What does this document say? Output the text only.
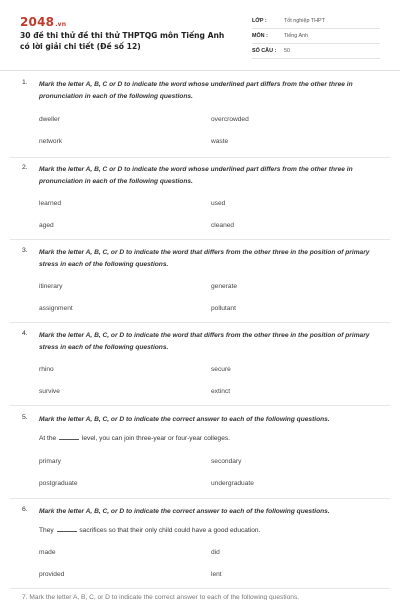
2048.vn
30 đề thi thử đề thi thử THPTQG môn Tiếng Anh có lời giải chi tiết (Đề số 12)
LỚP :	Tốt nghiệp THPT
MÔN :	Tiếng Anh
SỐ CÂU :	50
1. Mark the letter A, B, C or D to indicate the word whose underlined part differs from the other three in pronunciation in each of the following questions.
dweller	overcrowded
network	waste
2. Mark the letter A, B, C or D to indicate the word whose underlined part differs from the other three in pronunciation in each of the following questions.
learned	used
aged	cleaned
3. Mark the letter A, B, C, or D to indicate the word that differs from the other three in the position of primary stress in each of the following questions.
itinerary	generate
assignment	pollutant
4. Mark the letter A, B, C, or D to indicate the word that differs from the other three in the position of primary stress in each of the following questions.
rhino	secure
survive	extinct
5. Mark the letter A, B, C, or D to indicate the correct answer to each of the following questions.
At the	level, you can join three-year or four-year colleges.
primary	secondary
postgraduate	undergraduate
6. Mark the letter A, B, C, or D to indicate the correct answer to each of the following questions.
They	sacrifices so that their only child could have a good education.
made	did
provided	lent
7. Mark the letter A, B, C, or D to indicate the correct answer to each of the following questions.
